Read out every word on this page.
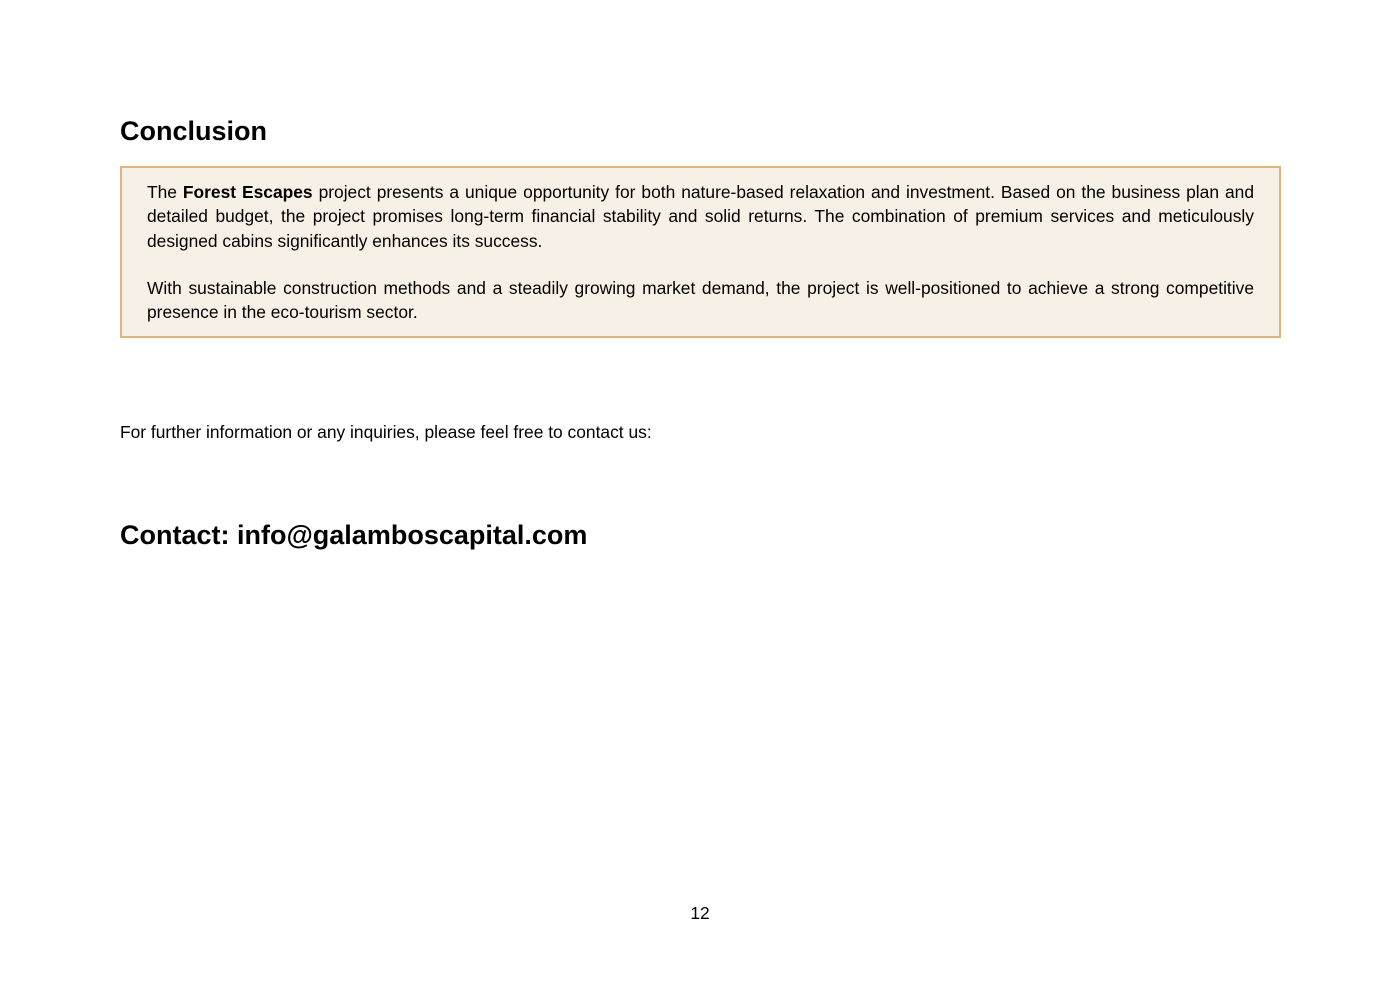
Conclusion

The Forest Escapes project presents a unique opportunity for both nature-based relaxation and investment. Based on the business plan and detailed budget, the project promises long-term financial stability and solid returns. The combination of premium services and meticulously designed cabins significantly enhances its success.

With sustainable construction methods and a steadily growing market demand, the project is well-positioned to achieve a strong competitive presence in the eco-tourism sector.

For further information or any inquiries, please feel free to contact us:

Contact: info@galamboscapital.com

12
